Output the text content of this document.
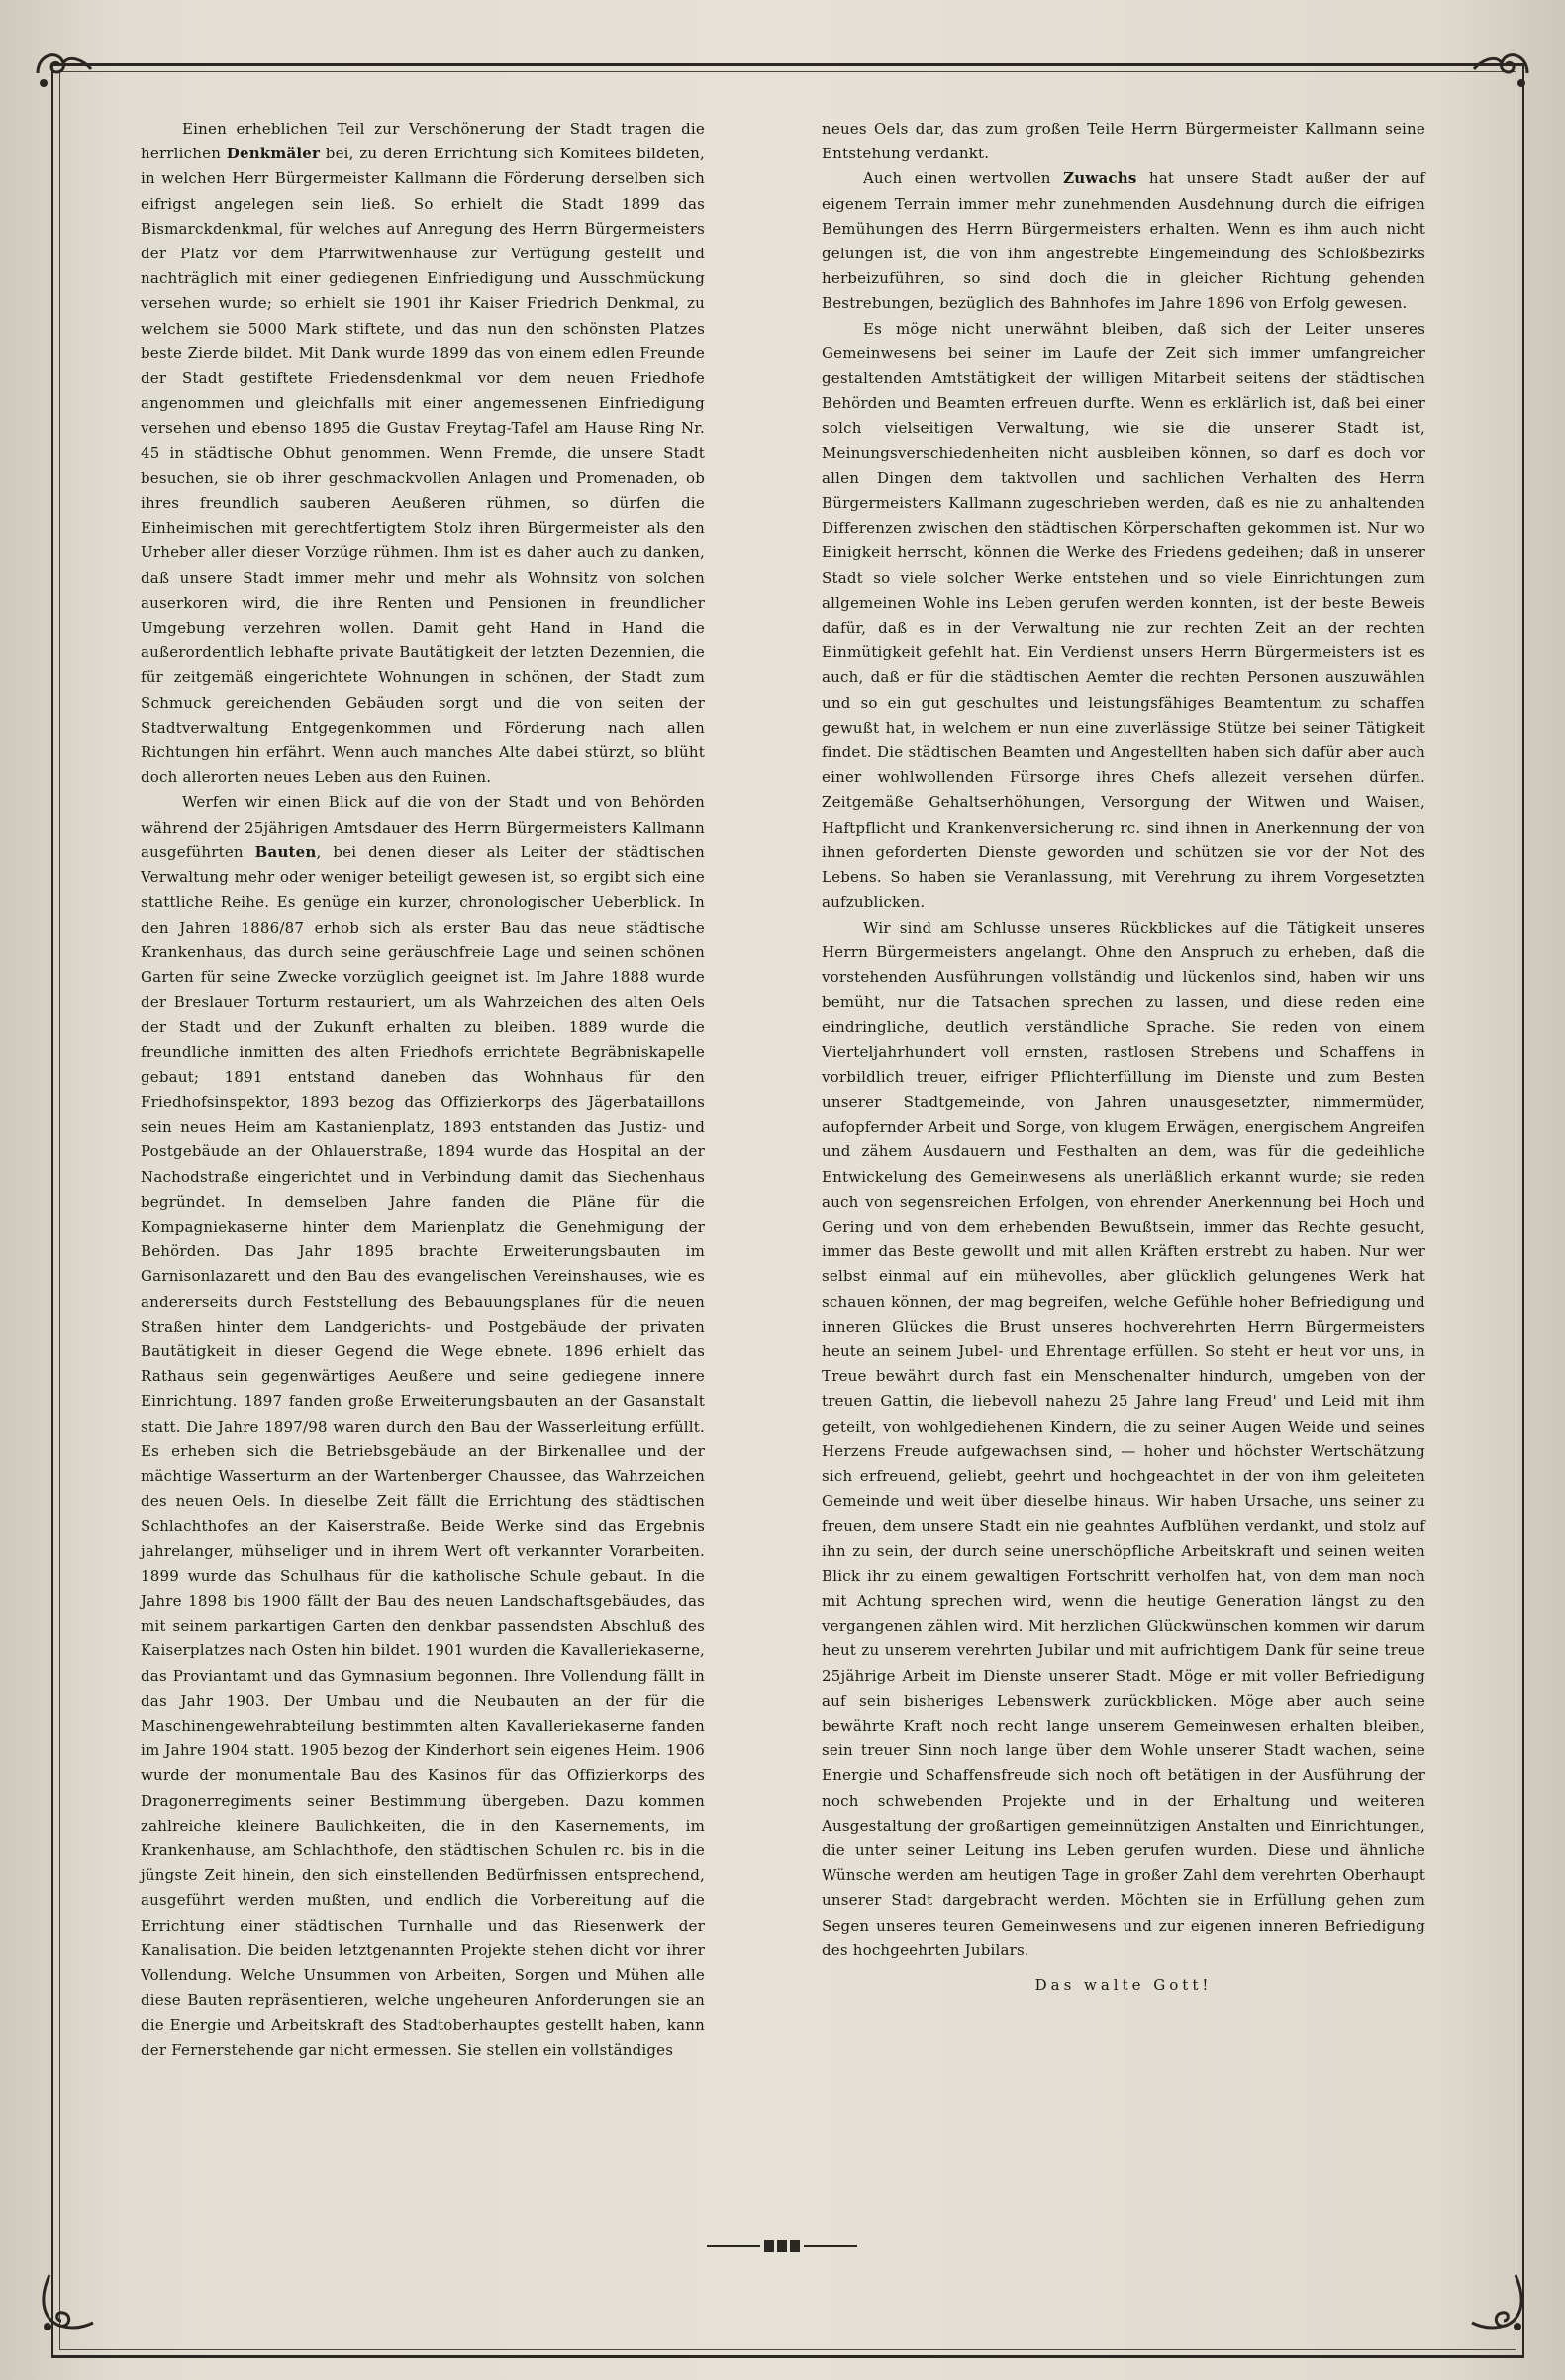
Einen erheblichen Teil zur Verschönerung der Stadt tragen die herrlichen Denkmäler bei, zu deren Errichtung sich Komitees bildeten, in welchen Herr Bürgermeister Kallmann die Förderung derselben sich eifrigst angelegen sein ließ. So erhielt die Stadt 1899 das Bismarckdenkmal, für welches auf Anregung des Herrn Bürgermeisters der Platz vor dem Pfarrwitwenhause zur Verfügung gestellt und nachträglich mit einer gediegenen Einfriedigung und Ausschmückung versehen wurde; so erhielt sie 1901 ihr Kaiser Friedrich Denkmal, zu welchem sie 5000 Mark stiftete, und das nun den schönsten Platzes beste Zierde bildet. Mit Dank wurde 1899 das von einem edlen Freunde der Stadt gestiftete Friedensdenkmal vor dem neuen Friedhofe angenommen und gleichfalls mit einer angemessenen Einfriedigung versehen und ebenso 1895 die Gustav Freytag-Tafel am Hause Ring Nr. 45 in städtische Obhut genommen. Wenn Fremde, die unsere Stadt besuchen, sie ob ihrer geschmackvollen Anlagen und Promenaden, ob ihres freundlich sauberen Aeußeren rühmen, so dürfen die Einheimischen mit gerechtfertigtem Stolz ihren Bürgermeister als den Urheber aller dieser Vorzüge rühmen. Ihm ist es daher auch zu danken, daß unsere Stadt immer mehr und mehr als Wohnsitz von solchen auserkoren wird, die ihre Renten und Pensionen in freundlicher Umgebung verzehren wollen. Damit geht Hand in Hand die außerordentlich lebhafte private Bautätigkeit der letzten Dezennien, die für zeitgemäß eingerichtete Wohnungen in schönen, der Stadt zum Schmuck gereichenden Gebäuden sorgt und die von seiten der Stadtverwaltung Entgegenkommen und Förderung nach allen Richtungen hin erfährt. Wenn auch manches Alte dabei stürzt, so blüht doch allerorten neues Leben aus den Ruinen.

Werfen wir einen Blick auf die von der Stadt und von Behörden während der 25jährigen Amtsdauer des Herrn Bürgermeisters Kallmann ausgeführten Bauten, bei denen dieser als Leiter der städtischen Verwaltung mehr oder weniger beteiligt gewesen ist, so ergibt sich eine stattliche Reihe. Es genüge ein kurzer, chronologischer Ueberblick. In den Jahren 1886/87 erhob sich als erster Bau das neue städtische Krankenhaus, das durch seine geräuschfreie Lage und seinen schönen Garten für seine Zwecke vorzüglich geeignet ist. Im Jahre 1888 wurde der Breslauer Torturm restauriert, um als Wahrzeichen des alten Oels der Stadt und der Zukunft erhalten zu bleiben. 1889 wurde die freundliche inmitten des alten Friedhofs errichtete Begräbniskapelle gebaut; 1891 entstand daneben das Wohnhaus für den Friedhofsinspektor, 1893 bezog das Offizierkorps des Jägerbataillons sein neues Heim am Kastanienplatz, 1893 entstanden das Justiz- und Postgebäude an der Ohlauerstraße, 1894 wurde das Hospital an der Nachodstraße eingerichtet und in Verbindung damit das Siechenhaus begründet. In demselben Jahre fanden die Pläne für die Kompagniekaserne hinter dem Marienplatz die Genehmigung der Behörden. Das Jahr 1895 brachte Erweiterungsbauten im Garnisonlazarett und den Bau des evangelischen Vereinshauses, wie es andererseits durch Feststellung des Bebauungsplanes für die neuen Straßen hinter dem Landgerichts- und Postgebäude der privaten Bautätigkeit in dieser Gegend die Wege ebnete. 1896 erhielt das Rathaus sein gegenwärtiges Aeußere und seine gediegene innere Einrichtung. 1897 fanden große Erweiterungsbauten an der Gasanstalt statt. Die Jahre 1897/98 waren durch den Bau der Wasserleitung erfüllt. Es erheben sich die Betriebsgebäude an der Birkenallee und der mächtige Wasserturm an der Wartenberger Chaussee, das Wahrzeichen des neuen Oels. In dieselbe Zeit fällt die Errichtung des städtischen Schlachthofes an der Kaiserstraße. Beide Werke sind das Ergebnis jahrelanger, mühseliger und in ihrem Wert oft verkannter Vorarbeiten. 1899 wurde das Schulhaus für die katholische Schule gebaut. In die Jahre 1898 bis 1900 fällt der Bau des neuen Landschaftsgebäudes, das mit seinem parkartigen Garten den denkbar passendsten Abschluß des Kaiserplatzes nach Osten hin bildet. 1901 wurden die Kavalleriekaserne, das Proviantamt und das Gymnasium begonnen. Ihre Vollendung fällt in das Jahr 1903. Der Umbau und die Neubauten an der für die Maschinengewehrabteilung bestimmten alten Kavalleriekaserne fanden im Jahre 1904 statt. 1905 bezog der Kinderhort sein eigenes Heim. 1906 wurde der monumentale Bau des Kasinos für das Offizierkorps des Dragonerregiments seiner Bestimmung übergeben. Dazu kommen zahlreiche kleinere Baulichkeiten, die in den Kasernements, im Krankenhause, am Schlachthofe, den städtischen Schulen rc. bis in die jüngste Zeit hinein, den sich einstellenden Bedürfnissen entsprechend, ausgeführt werden mußten, und endlich die Vorbereitung auf die Errichtung einer städtischen Turnhalle und das Riesenwerk der Kanalisation. Die beiden letztgenannten Projekte stehen dicht vor ihrer Vollendung. Welche Unsummen von Arbeiten, Sorgen und Mühen alle diese Bauten repräsentieren, welche ungeheuren Anforderungen sie an die Energie und Arbeitskraft des Stadtoberhauptes gestellt haben, kann der Fernerstehende gar nicht ermessen. Sie stellen ein vollständiges

neues Oels dar, das zum großen Teile Herrn Bürgermeister Kallmann seine Entstehung verdankt.

Auch einen wertvollen Zuwachs hat unsere Stadt außer der auf eigenem Terrain immer mehr zunehmenden Ausdehnung durch die eifrigen Bemühungen des Herrn Bürgermeisters erhalten. Wenn es ihm auch nicht gelungen ist, die von ihm angestrebte Eingemeindung des Schloßbezirks herbeizuführen, so sind doch die in gleicher Richtung gehenden Bestrebungen, bezüglich des Bahnhofes im Jahre 1896 von Erfolg gewesen.

Es möge nicht unerwähnt bleiben, daß sich der Leiter unseres Gemeinwesens bei seiner im Laufe der Zeit sich immer umfangreicher gestaltenden Amtstätigkeit der willigen Mitarbeit seitens der städtischen Behörden und Beamten erfreuen durfte. Wenn es erklärlich ist, daß bei einer solch vielseitigen Verwaltung, wie sie die unserer Stadt ist, Meinungsverschiedenheiten nicht ausbleiben können, so darf es doch vor allen Dingen dem taktvollen und sachlichen Verhalten des Herrn Bürgermeisters Kallmann zugeschrieben werden, daß es nie zu anhaltenden Differenzen zwischen den städtischen Körperschaften gekommen ist. Nur wo Einigkeit herrscht, können die Werke des Friedens gedeihen; daß in unserer Stadt so viele solcher Werke entstehen und so viele Einrichtungen zum allgemeinen Wohle ins Leben gerufen werden konnten, ist der beste Beweis dafür, daß es in der Verwaltung nie zur rechten Zeit an der rechten Einmütigkeit gefehlt hat. Ein Verdienst unsers Herrn Bürgermeisters ist es auch, daß er für die städtischen Aemter die rechten Personen auszuwählen und so ein gut geschultes und leistungsfähiges Beamtentum zu schaffen gewußt hat, in welchem er nun eine zuverlässige Stütze bei seiner Tätigkeit findet. Die städtischen Beamten und Angestellten haben sich dafür aber auch einer wohlwollenden Fürsorge ihres Chefs allezeit versehen dürfen. Zeitgemäße Gehaltserhöhungen, Versorgung der Witwen und Waisen, Haftpflicht und Krankenversicherung rc. sind ihnen in Anerkennung der von ihnen geforderten Dienste geworden und schützen sie vor der Not des Lebens. So haben sie Veranlassung, mit Verehrung zu ihrem Vorgesetzten aufzublicken.

Wir sind am Schlusse unseres Rückblickes auf die Tätigkeit unseres Herrn Bürgermeisters angelangt. Ohne den Anspruch zu erheben, daß die vorstehenden Ausführungen vollständig und lückenlos sind, haben wir uns bemüht, nur die Tatsachen sprechen zu lassen, und diese reden eine eindringliche, deutlich verständliche Sprache. Sie reden von einem Vierteljahrhundert voll ernsten, rastlosen Strebens und Schaffens in vorbildlich treuer, eifriger Pflichterfüllung im Dienste und zum Besten unserer Stadtgemeinde, von Jahren unausgesetzter, nimmermüder, aufopfernder Arbeit und Sorge, von klugem Erwägen, energischem Angreifen und zähem Ausdauern und Festhalten an dem, was für die gedeihliche Entwickelung des Gemeinwesens als unerläßlich erkannt wurde; sie reden auch von segensreichen Erfolgen, von ehrender Anerkennung bei Hoch und Gering und von dem erhebenden Bewußtsein, immer das Rechte gesucht, immer das Beste gewollt und mit allen Kräften erstrebt zu haben. Nur wer selbst einmal auf ein mühevolles, aber glücklich gelungenes Werk hat schauen können, der mag begreifen, welche Gefühle hoher Befriedigung und inneren Glückes die Brust unseres hochverehrten Herrn Bürgermeisters heute an seinem Jubel- und Ehrentage erfüllen. So steht er heut vor uns, in Treue bewährt durch fast ein Menschenalter hindurch, umgeben von der treuen Gattin, die liebevoll nahezu 25 Jahre lang Freud' und Leid mit ihm geteilt, von wohlgediehenen Kindern, die zu seiner Augen Weide und seines Herzens Freude aufgewachsen sind, — hoher und höchster Wertschätzung sich erfreuend, geliebt, geehrt und hochgeachtet in der von ihm geleiteten Gemeinde und weit über dieselbe hinaus. Wir haben Ursache, uns seiner zu freuen, dem unsere Stadt ein nie geahntes Aufblühen verdankt, und stolz auf ihn zu sein, der durch seine unerschöpfliche Arbeitskraft und seinen weiten Blick ihr zu einem gewaltigen Fortschritt verholfen hat, von dem man noch mit Achtung sprechen wird, wenn die heutige Generation längst zu den vergangenen zählen wird. Mit herzlichen Glückwünschen kommen wir darum heut zu unserem verehrten Jubilar und mit aufrichtigem Dank für seine treue 25jährige Arbeit im Dienste unserer Stadt. Möge er mit voller Befriedigung auf sein bisheriges Lebenswerk zurückblicken. Möge aber auch seine bewährte Kraft noch recht lange unserem Gemeinwesen erhalten bleiben, sein treuer Sinn noch lange über dem Wohle unserer Stadt wachen, seine Energie und Schaffensfreude sich noch oft betätigen in der Ausführung der noch schwebenden Projekte und in der Erhaltung und weiteren Ausgestaltung der großartigen gemeinnützigen Anstalten und Einrichtungen, die unter seiner Leitung ins Leben gerufen wurden. Diese und ähnliche Wünsche werden am heutigen Tage in großer Zahl dem verehrten Oberhaupt unserer Stadt dargebracht werden. Möchten sie in Erfüllung gehen zum Segen unseres teuren Gemeinwesens und zur eigenen inneren Befriedigung des hochgeehrten Jubilars.

Das walte Gott!
